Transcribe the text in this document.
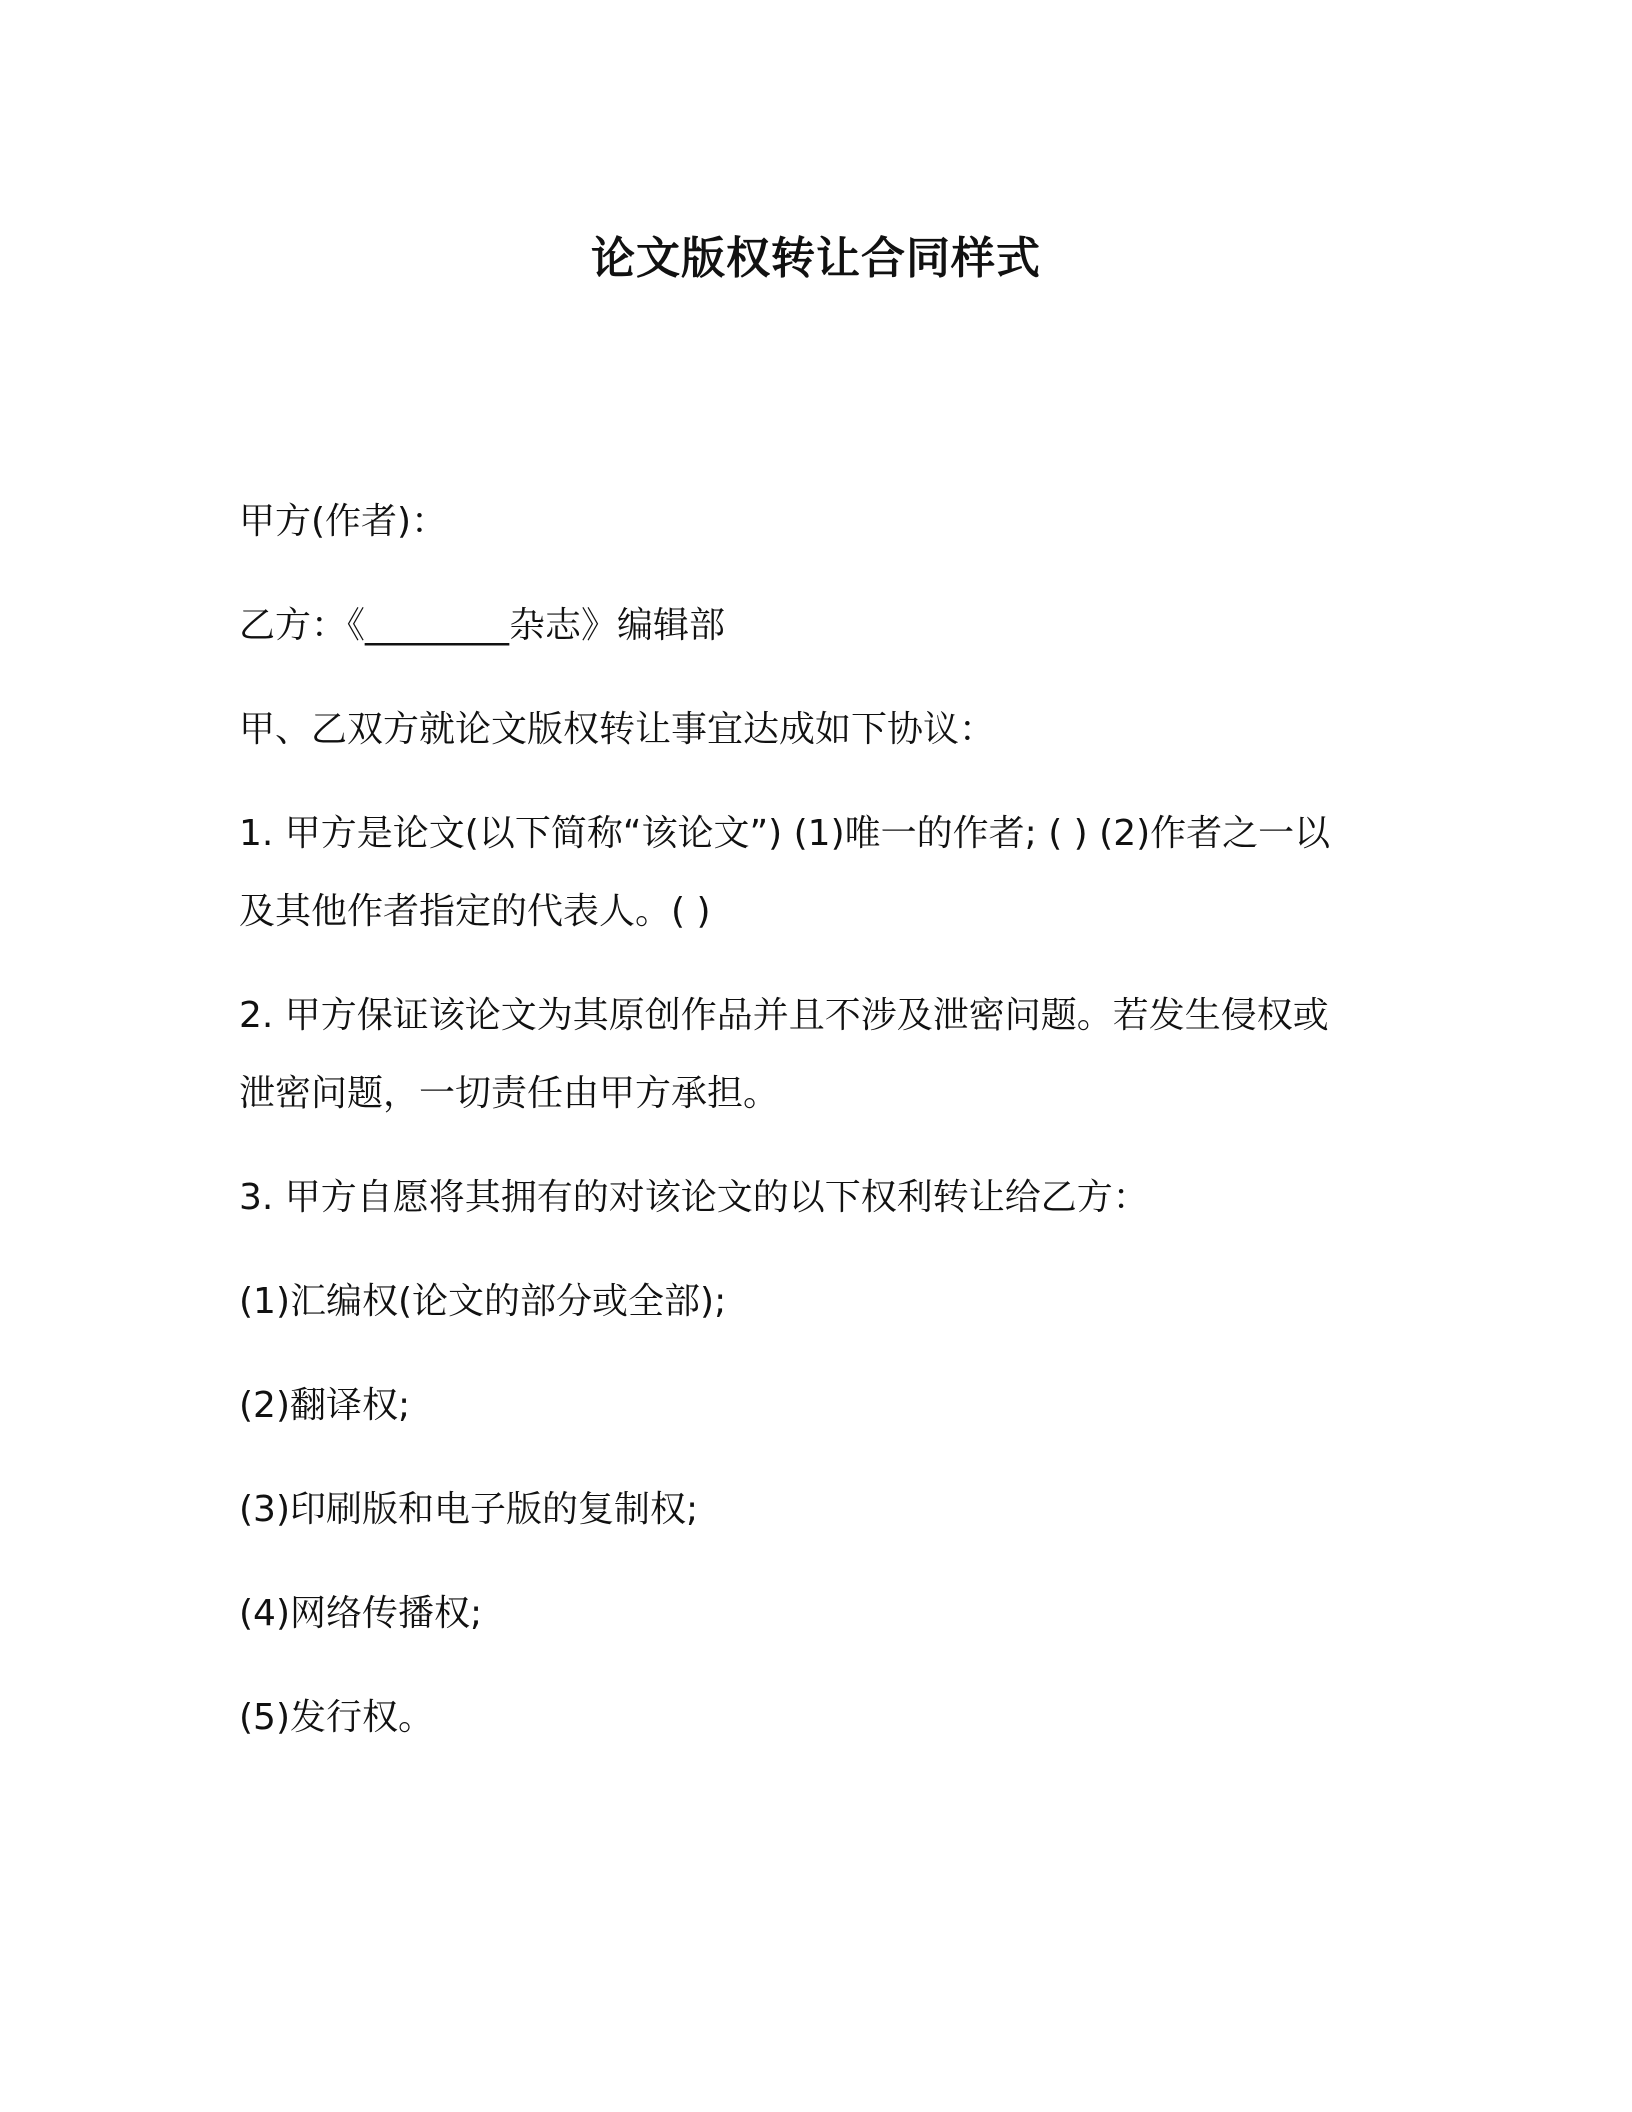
论文版权转让合同样式

甲方(作者)：

乙方：《________杂志》编辑部

甲、乙双方就论文版权转让事宜达成如下协议：

1. 甲方是论文(以下简称“该论文”) (1)唯一的作者; ( ) (2)作者之一以

及其他作者指定的代表人。( )

2. 甲方保证该论文为其原创作品并且不涉及泄密问题。若发生侵权或

泄密问题，一切责任由甲方承担。

3. 甲方自愿将其拥有的对该论文的以下权利转让给乙方：

(1)汇编权(论文的部分或全部);

(2)翻译权;

(3)印刷版和电子版的复制权;

(4)网络传播权;

(5)发行权。
